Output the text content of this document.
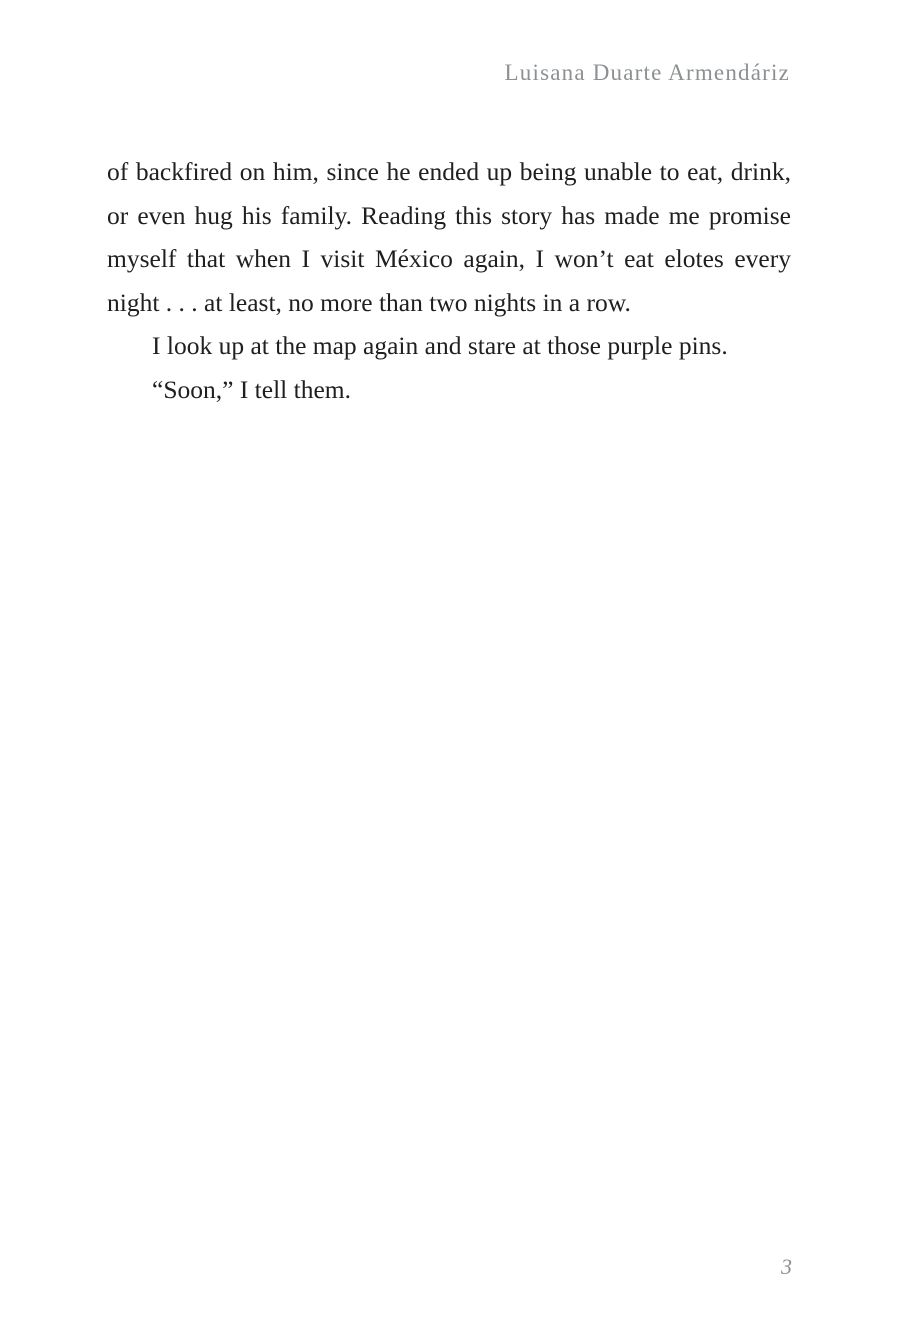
Luisana Duarte Armendáriz

of backfired on him, since he ended up being unable to eat, drink, or even hug his family. Reading this story has made me promise myself that when I visit México again, I won’t eat elotes every night . . . at least, no more than two nights in a row.

I look up at the map again and stare at those purple pins.

“Soon,” I tell them.

3
